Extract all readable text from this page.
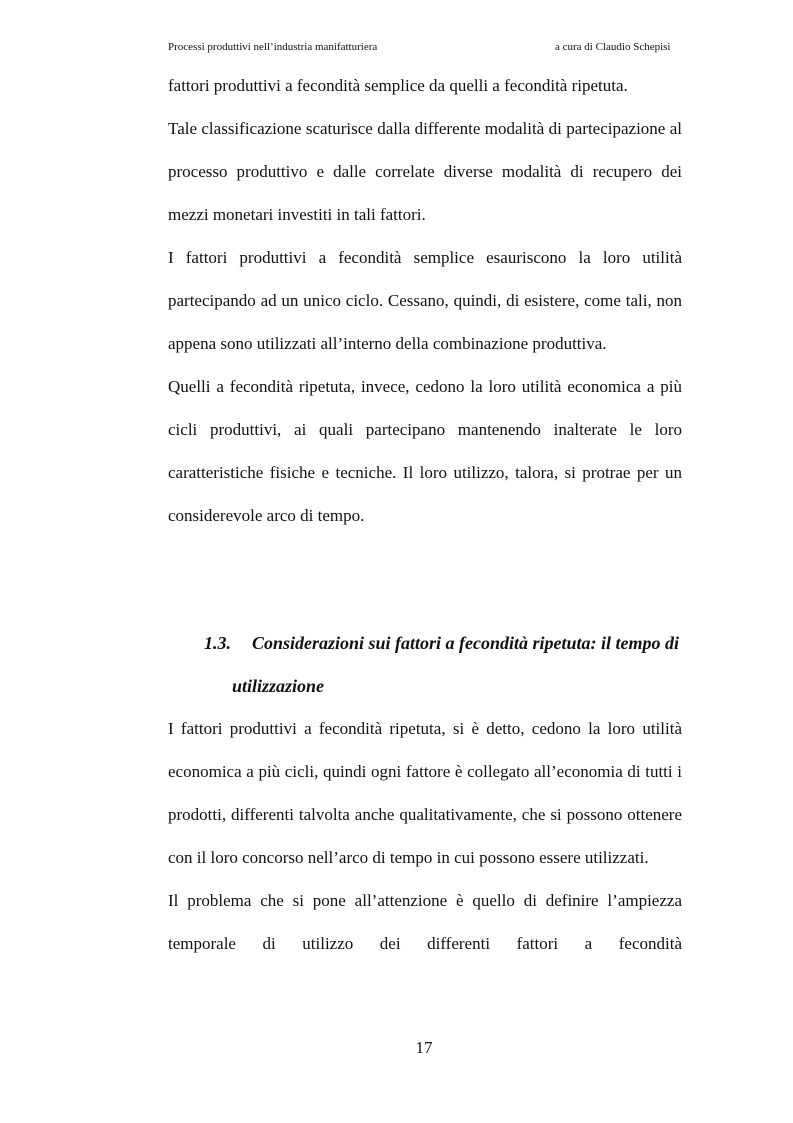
Processi produttivi nell’industria manifatturiera	a cura di Claudio Schepisi

fattori produttivi a fecondità semplice da quelli a fecondità ripetuta.

Tale classificazione scaturisce dalla differente modalità di partecipazione al processo produttivo e dalle correlate diverse modalità di recupero dei mezzi monetari investiti in tali fattori.

I fattori produttivi a fecondità semplice esauriscono la loro utilità partecipando ad un unico ciclo. Cessano, quindi, di esistere, come tali, non appena sono utilizzati all’interno della combinazione produttiva.

Quelli a fecondità ripetuta, invece, cedono la loro utilità economica a più cicli produttivi, ai quali partecipano mantenendo inalterate le loro caratteristiche fisiche e tecniche. Il loro utilizzo, talora, si protrae per un considerevole arco di tempo.

1.3.	Considerazioni sui fattori a fecondità ripetuta: il tempo di utilizzazione

I fattori produttivi a fecondità ripetuta, si è detto, cedono la loro utilità economica a più cicli, quindi ogni fattore è collegato all’economia di tutti i prodotti, differenti talvolta anche qualitativamente, che si possono ottenere con il loro concorso nell’arco di tempo in cui possono essere utilizzati.

Il problema che si pone all’attenzione è quello di definire l’ampiezza temporale di utilizzo dei differenti fattori a fecondità

17
